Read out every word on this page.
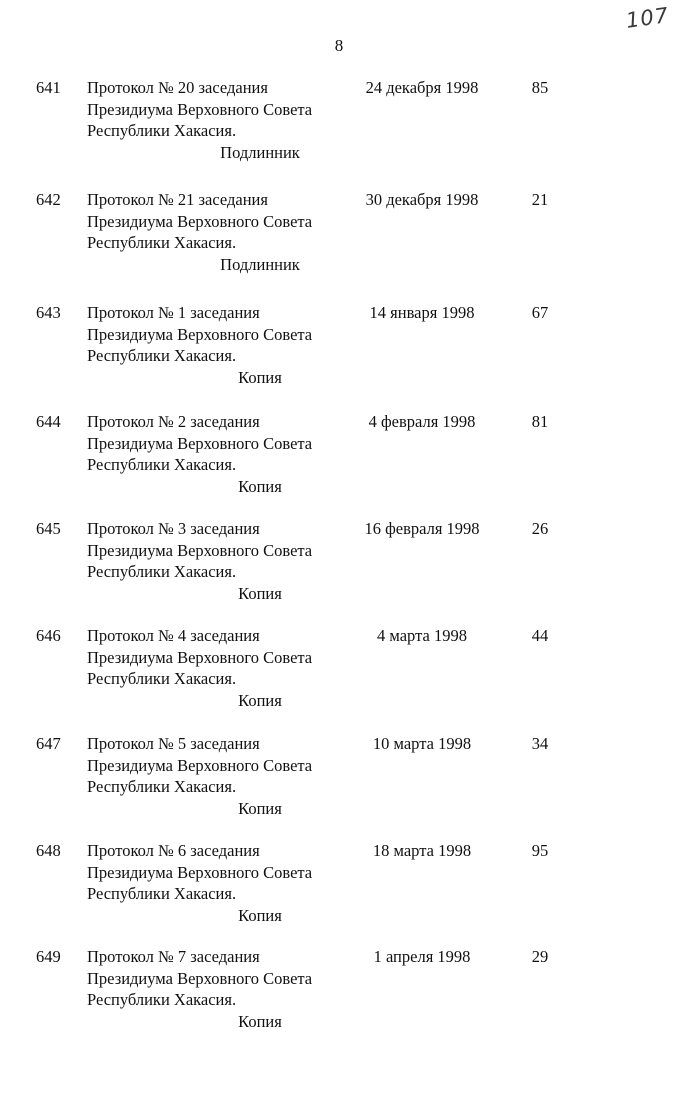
107
8
641 Протокол № 20 заседания
Президиума Верховного Совета
Республики Хакасия.
24 декабря 1998	85
Подлинник
642 Протокол № 21 заседания
Президиума Верховного Совета
Республики Хакасия.
30 декабря 1998	21
Подлинник
643 Протокол № 1 заседания
Президиума Верховного Совета
Республики Хакасия.
14 января 1998	67
Копия
644 Протокол № 2 заседания
Президиума Верховного Совета
Республики Хакасия.
4 февраля 1998	81
Копия
645 Протокол № 3 заседания
Президиума Верховного Совета
Республики Хакасия.
16 февраля 1998	26
Копия
646 Протокол № 4 заседания
Президиума Верховного Совета
Республики Хакасия.
4 марта 1998	44
Копия
647 Протокол № 5 заседания
Президиума Верховного Совета
Республики Хакасия.
10 марта 1998	34
Копия
648 Протокол № 6 заседания
Президиума Верховного Совета
Республики Хакасия.
18 марта 1998	95
Копия
649 Протокол № 7 заседания
Президиума Верховного Совета
Республики Хакасия.
1 апреля 1998	29
Копия
